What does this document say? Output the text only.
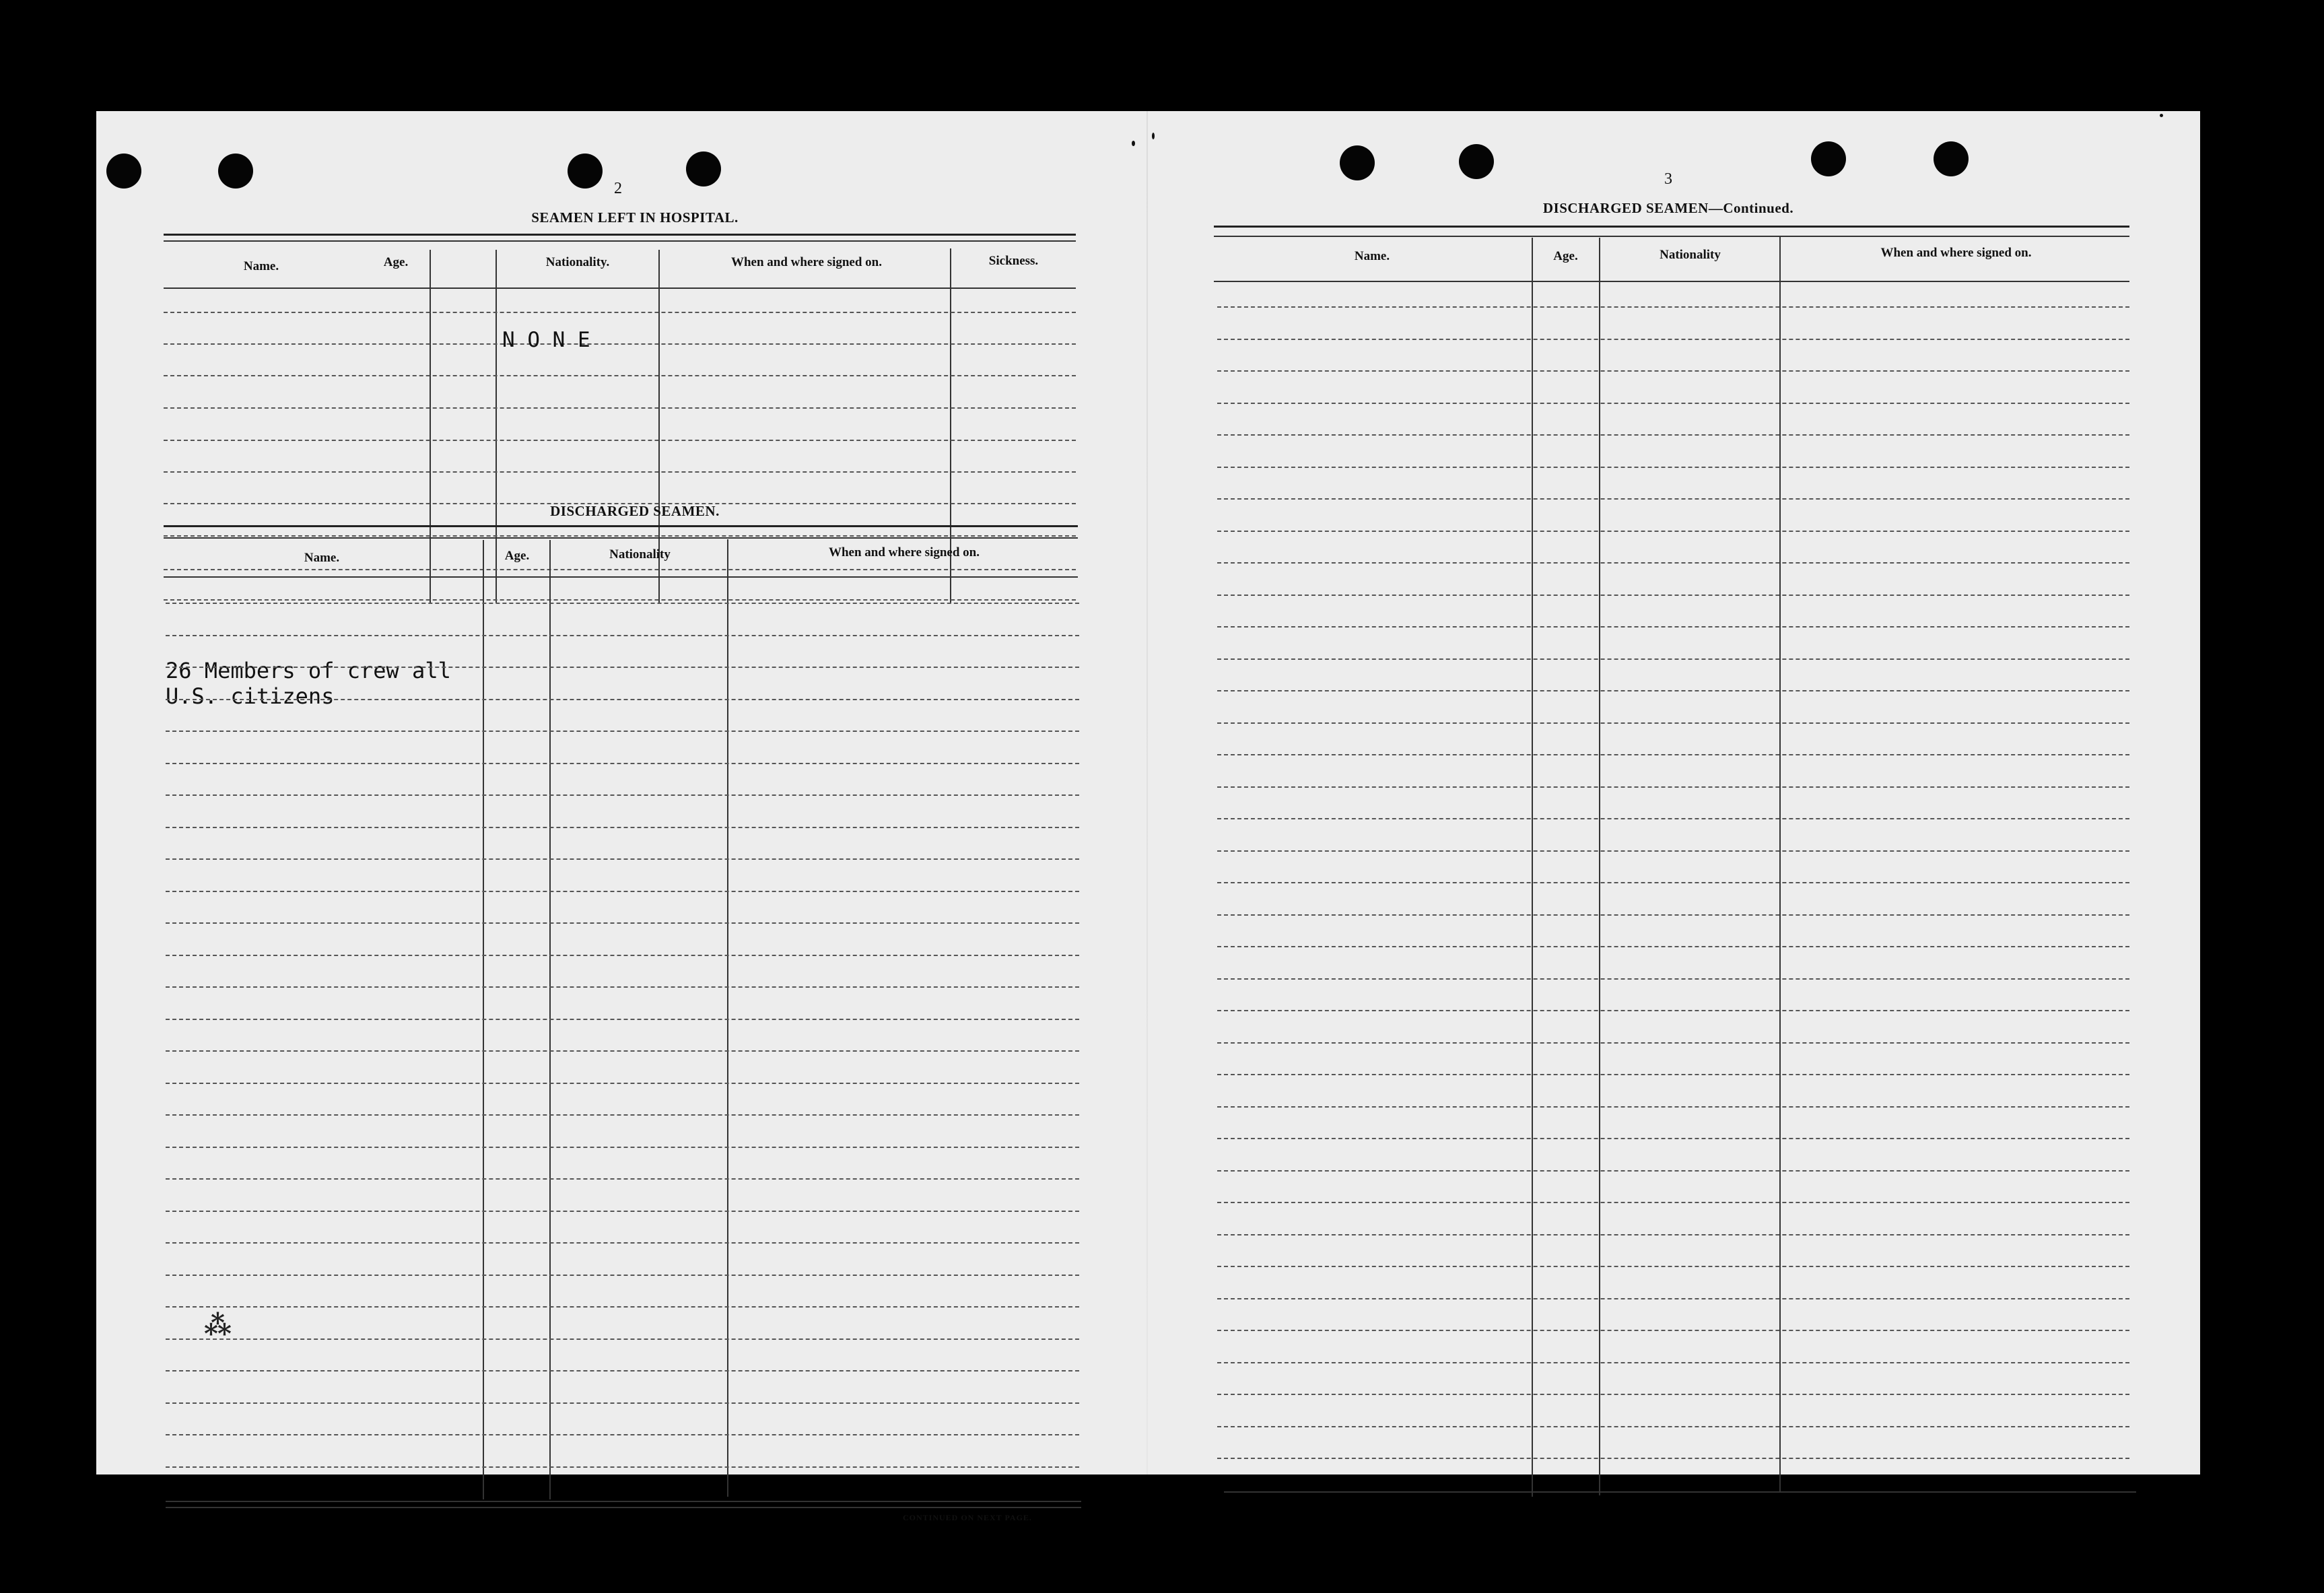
2
SEAMEN LEFT IN HOSPITAL.
Name.	Age.	Nationality.	When and where signed on.	Sickness.
N O N E
DISCHARGED SEAMEN.
Name.	Age.	Nationality	When and where signed on.
26 Members of crew all
U.S. citizens
⁂
CONTINUED ON NEXT PAGE.
3
DISCHARGED SEAMEN—Continued.
Name.	Age.	Nationality	When and where signed on.
